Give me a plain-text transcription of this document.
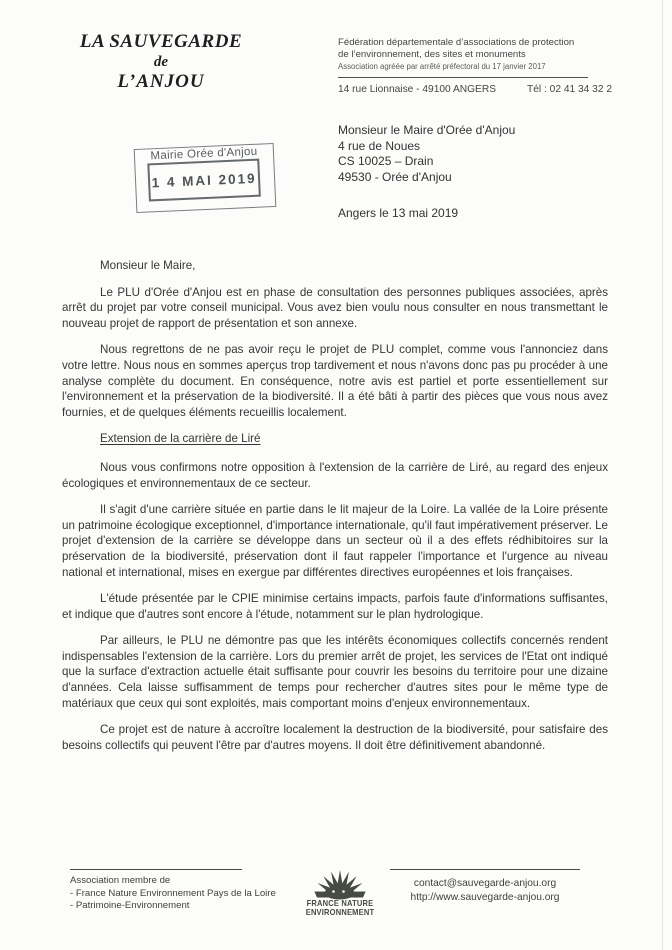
LA SAUVEGARDE
de
L’ANJOU
Fédération départementale d’associations de protection
de l’environnement, des sites et monuments
Association agréée par arrêté préfectoral du 17 janvier 2017
14 rue Lionnaise - 49100 ANGERS	Tél : 02 41 34 32 2
Mairie Orée d'Anjou
1 4 MAI 2019
Monsieur le Maire d'Orée d'Anjou
4 rue de Noues
CS 10025 – Drain
49530 - Orée d'Anjou
Angers le 13 mai 2019

Monsieur le Maire,

Le PLU d'Orée d'Anjou est en phase de consultation des personnes publiques associées, après arrêt du projet par votre conseil municipal. Vous avez bien voulu nous consulter en nous transmettant le nouveau projet de rapport de présentation et son annexe.

Nous regrettons de ne pas avoir reçu le projet de PLU complet, comme vous l'annonciez dans votre lettre. Nous nous en sommes aperçus trop tardivement et nous n'avons donc pas pu procéder à une analyse complète du document. En conséquence, notre avis est partiel et porte essentiellement sur l'environnement et la préservation de la biodiversité. Il a été bâti à partir des pièces que vous nous avez fournies, et de quelques éléments recueillis localement.

Extension de la carrière de Liré

Nous vous confirmons notre opposition à l'extension de la carrière de Liré, au regard des enjeux écologiques et environnementaux de ce secteur.

Il s'agit d'une carrière située en partie dans le lit majeur de la Loire. La vallée de la Loire présente un patrimoine écologique exceptionnel, d'importance internationale, qu'il faut impérativement préserver. Le projet d'extension de la carrière se développe dans un secteur où il a des effets rédhibitoires sur la préservation de la biodiversité, préservation dont il faut rappeler l'importance et l'urgence au niveau national et international, mises en exergue par différentes directives européennes et lois françaises.

L'étude présentée par le CPIE minimise certains impacts, parfois faute d'informations suffisantes, et indique que d'autres sont encore à l'étude, notamment sur le plan hydrologique.

Par ailleurs, le PLU ne démontre pas que les intérêts économiques collectifs concernés rendent indispensables l'extension de la carrière. Lors du premier arrêt de projet, les services de l'Etat ont indiqué que la surface d'extraction actuelle était suffisante pour couvrir les besoins du territoire pour une dizaine d'années. Cela laisse suffisamment de temps pour rechercher d'autres sites pour le même type de matériaux que ceux qui sont exploités, mais comportant moins d'enjeux environnementaux.

Ce projet est de nature à accroître localement la destruction de la biodiversité, pour satisfaire des besoins collectifs qui peuvent l'être par d'autres moyens. Il doit être définitivement abandonné.

Association membre de
- France Nature Environnement Pays de la Loire
- Patrimoine-Environnement	FRANCE NATURE
ENVIRONNEMENT
contact@sauvegarde-anjou.org
http://www.sauvegarde-anjou.org
